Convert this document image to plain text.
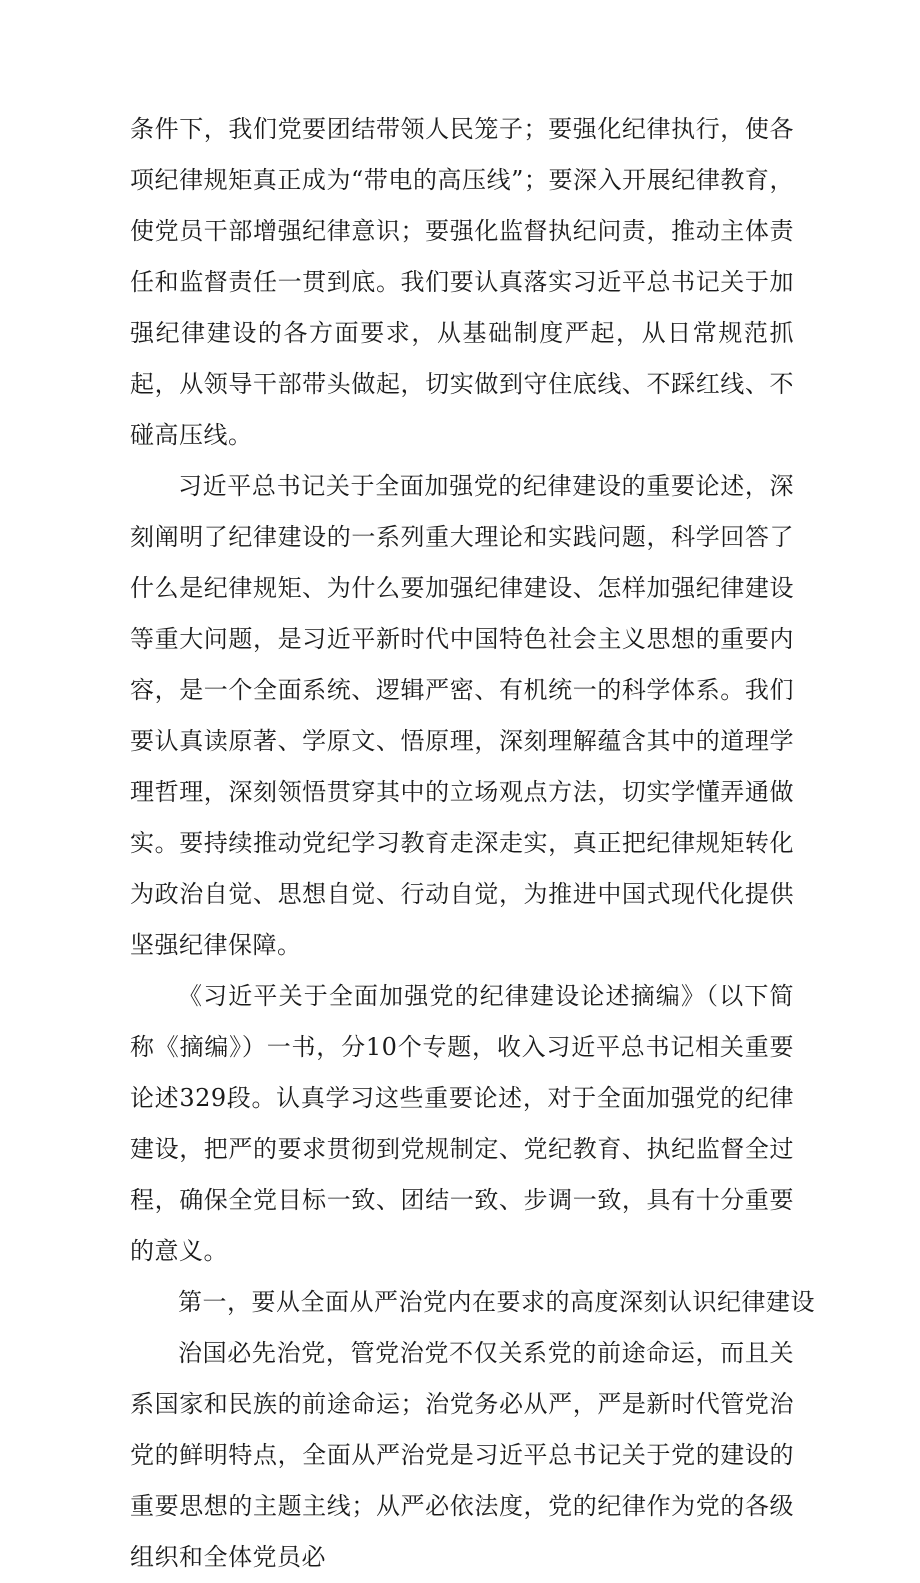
条件下，我们党要团结带领人民笼子；要强化纪律执行，使各项纪律规矩真正成为“带电的高压线”；要深入开展纪律教育，使党员干部增强纪律意识；要强化监督执纪问责，推动主体责任和监督责任一贯到底。我们要认真落实习近平总书记关于加强纪律建设的各方面要求，从基础制度严起，从日常规范抓起，从领导干部带头做起，切实做到守住底线、不踩红线、不碰高压线。

习近平总书记关于全面加强党的纪律建设的重要论述，深刻阐明了纪律建设的一系列重大理论和实践问题，科学回答了什么是纪律规矩、为什么要加强纪律建设、怎样加强纪律建设等重大问题，是习近平新时代中国特色社会主义思想的重要内容，是一个全面系统、逻辑严密、有机统一的科学体系。我们要认真读原著、学原文、悟原理，深刻理解蕴含其中的道理学理哲理，深刻领悟贯穿其中的立场观点方法，切实学懂弄通做实。要持续推动党纪学习教育走深走实，真正把纪律规矩转化为政治自觉、思想自觉、行动自觉，为推进中国式现代化提供坚强纪律保障。

《习近平关于全面加强党的纪律建设论述摘编》（以下简称《摘编》）一书，分10个专题，收入习近平总书记相关重要论述329段。认真学习这些重要论述，对于全面加强党的纪律建设，把严的要求贯彻到党规制定、党纪教育、执纪监督全过程，确保全党目标一致、团结一致、步调一致，具有十分重要的意义。

第一，要从全面从严治党内在要求的高度深刻认识纪律建设

治国必先治党，管党治党不仅关系党的前途命运，而且关系国家和民族的前途命运；治党务必从严，严是新时代管党治党的鲜明特点，全面从严治党是习近平总书记关于党的建设的重要思想的主题主线；从严必依法度，党的纪律作为党的各级组织和全体党员必
